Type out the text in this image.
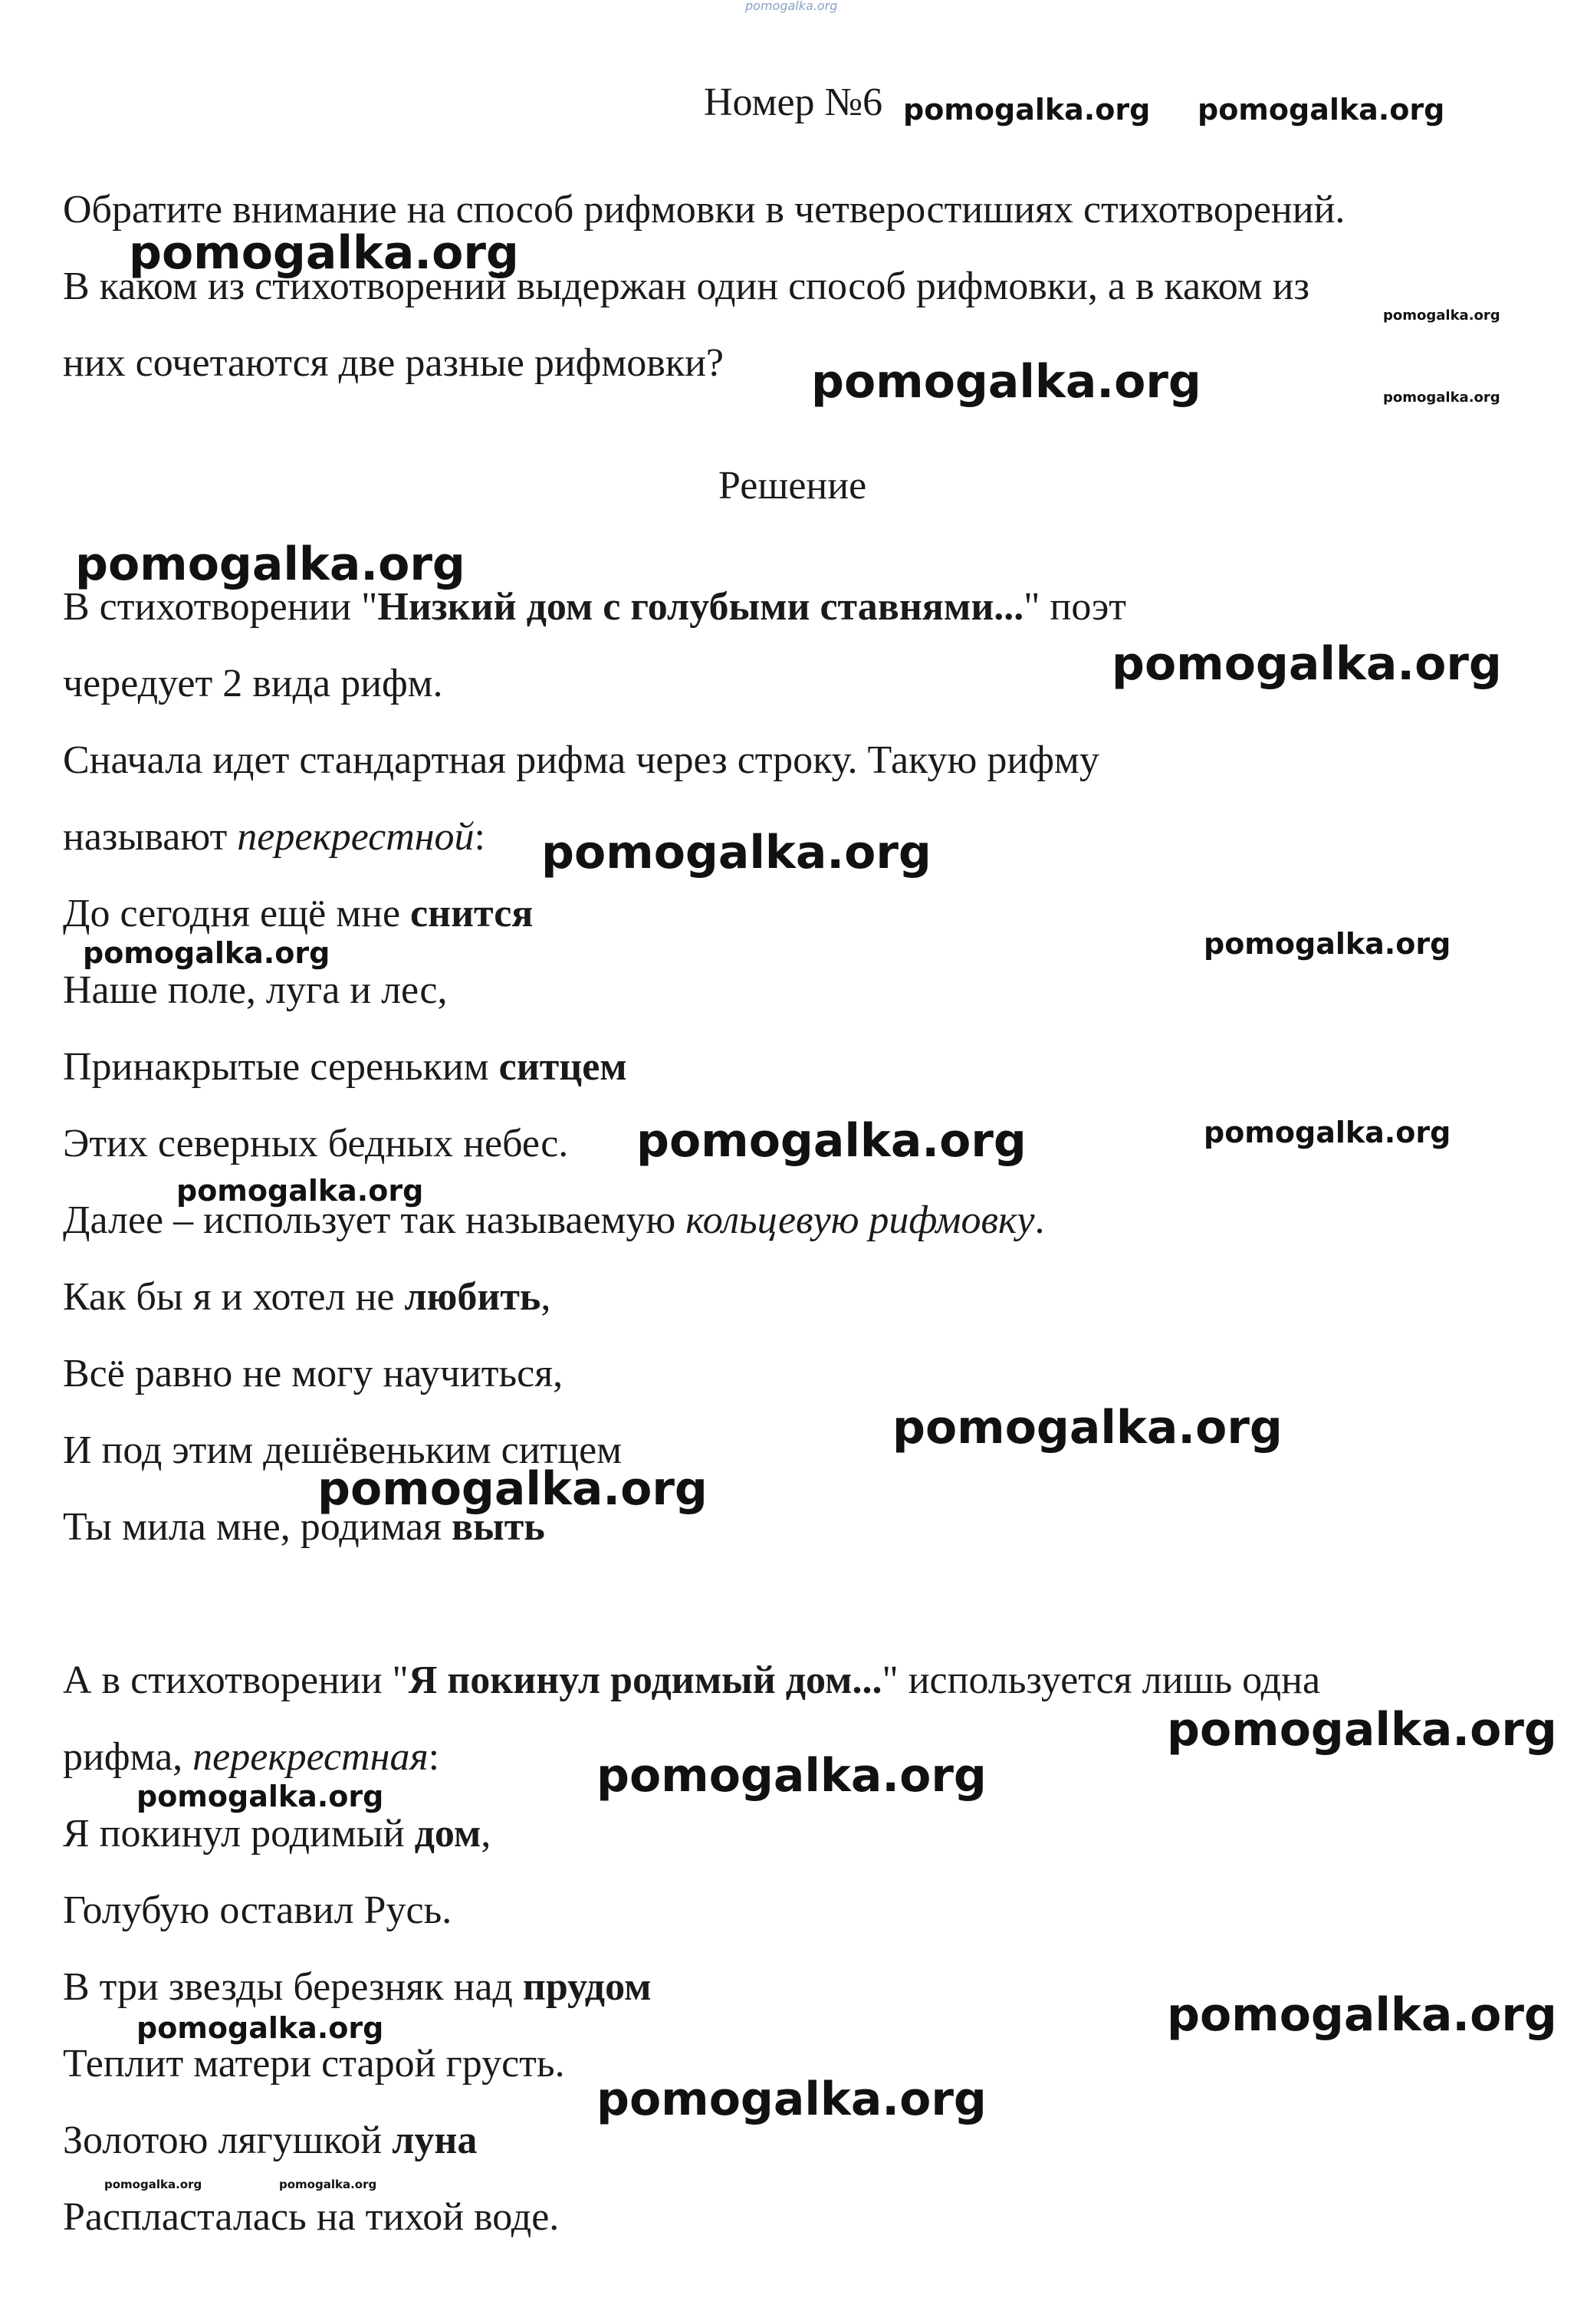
pomogalka.org
Номер №6 pomogalka.org pomogalka.org
Обратите внимание на способ рифмовки в четверостишиях стихотворений.
В каком из стихотворений выдержан один способ рифмовки, а в каком из
них сочетаются две разные рифмовки?
pomogalka.org
pomogalka.org
pomogalka.org	pomogalka.org
Решение
pomogalka.org
В стихотворении "Низкий дом с голубыми ставнями..." поэт
чередует 2 вида рифм.	pomogalka.org
Сначала идет стандартная рифма через строку. Такую рифму
называют перекрестной: pomogalka.org
До сегодня ещё мне снится
pomogalka.org	pomogalka.org
Наше поле, луга и лес,
Принакрытые сереньким ситцем
Этих северных бедных небес. pomogalka.org	pomogalka.org
pomogalka.org
Далее – использует так называемую кольцевую рифмовку.
Как бы я и хотел не любить,
Всё равно не могу научиться,
И под этим дешёвеньким ситцем	pomogalka.org
pomogalka.org
Ты мила мне, родимая выть
А в стихотворении "Я покинул родимый дом..." используется лишь одна
pomogalka.org
рифма, перекрестная:	pomogalka.org
pomogalka.org
Я покинул родимый дом,
Голубую оставил Русь.
В три звезды березняк над прудом
pomogalka.org
pomogalka.org
Теплит матери старой грусть.
pomogalka.org
Золотою лягушкой луна
pomogalka.org	pomogalka.org
Распласталась на тихой воде.
